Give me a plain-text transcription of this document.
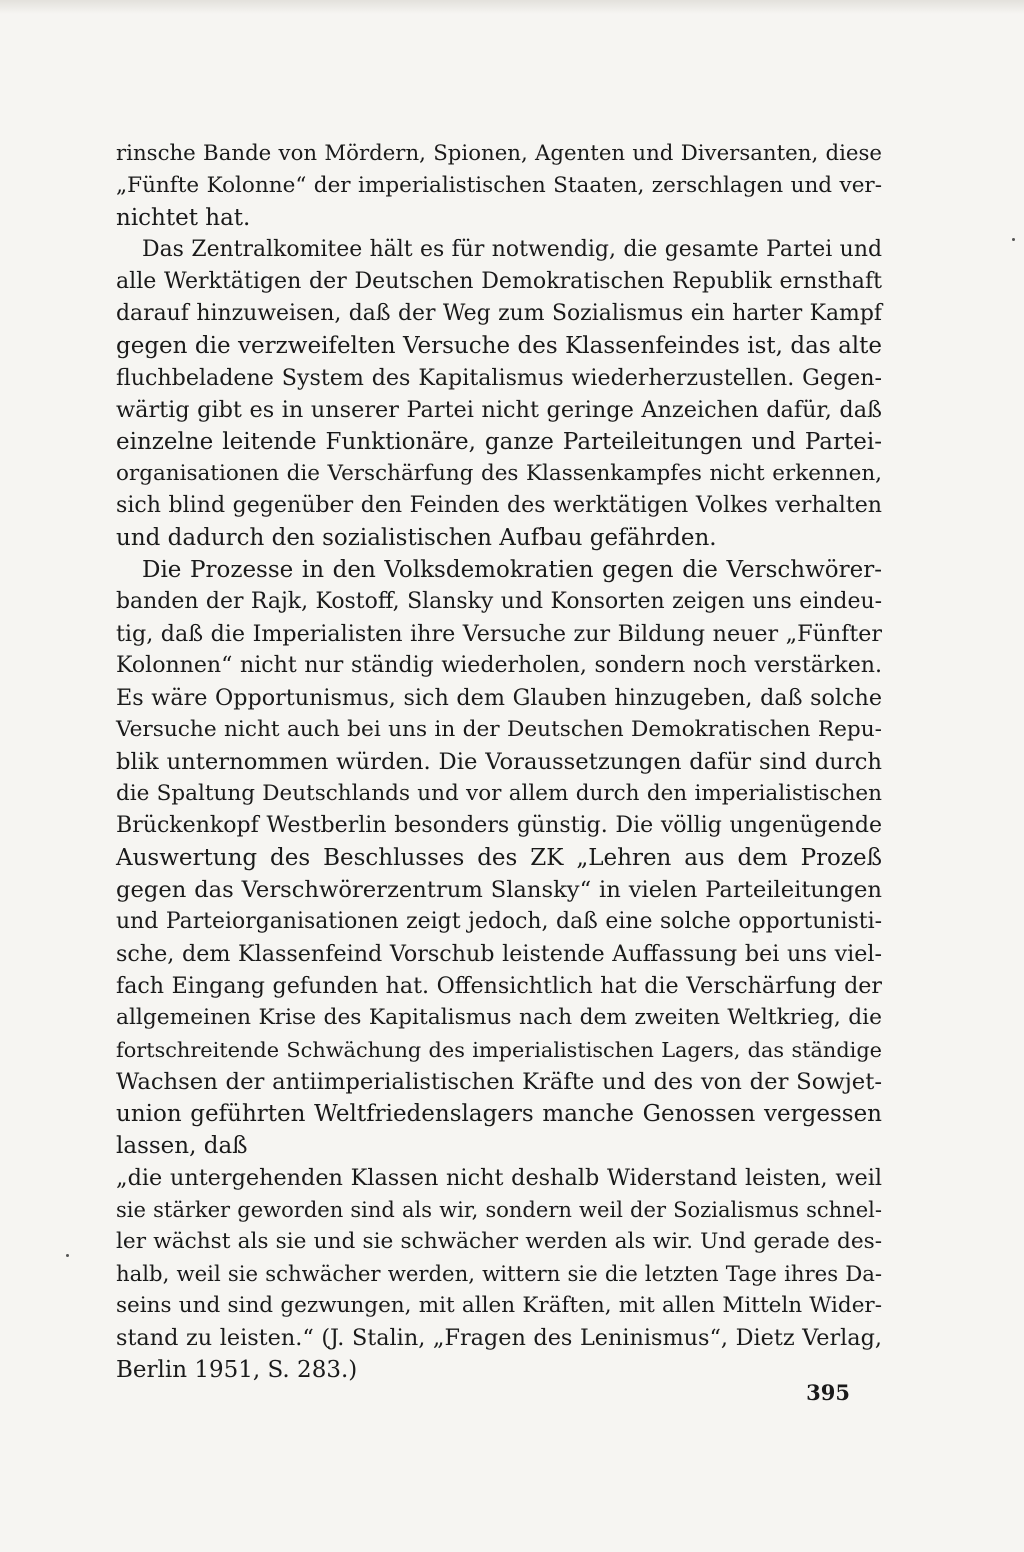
rinsche Bande von Mördern, Spionen, Agenten und Diversanten, diese
„Fünfte Kolonne“ der imperialistischen Staaten, zerschlagen und ver-
nichtet hat.
Das Zentralkomitee hält es für notwendig, die gesamte Partei und
alle Werktätigen der Deutschen Demokratischen Republik ernsthaft
darauf hinzuweisen, daß der Weg zum Sozialismus ein harter Kampf
gegen die verzweifelten Versuche des Klassenfeindes ist, das alte
fluchbeladene System des Kapitalismus wiederherzustellen. Gegen-
wärtig gibt es in unserer Partei nicht geringe Anzeichen dafür, daß
einzelne leitende Funktionäre, ganze Parteileitungen und Partei-
organisationen die Verschärfung des Klassenkampfes nicht erkennen,
sich blind gegenüber den Feinden des werktätigen Volkes verhalten
und dadurch den sozialistischen Aufbau gefährden.
Die Prozesse in den Volksdemokratien gegen die Verschwörer-
banden der Rajk, Kostoff, Slansky und Konsorten zeigen uns eindeu-
tig, daß die Imperialisten ihre Versuche zur Bildung neuer „Fünfter
Kolonnen“ nicht nur ständig wiederholen, sondern noch verstärken.
Es wäre Opportunismus, sich dem Glauben hinzugeben, daß solche
Versuche nicht auch bei uns in der Deutschen Demokratischen Repu-
blik unternommen würden. Die Voraussetzungen dafür sind durch
die Spaltung Deutschlands und vor allem durch den imperialistischen
Brückenkopf Westberlin besonders günstig. Die völlig ungenügende
Auswertung des Beschlusses des ZK „Lehren aus dem Prozeß
gegen das Verschwörerzentrum Slansky“ in vielen Parteileitungen
und Parteiorganisationen zeigt jedoch, daß eine solche opportunisti-
sche, dem Klassenfeind Vorschub leistende Auffassung bei uns viel-
fach Eingang gefunden hat. Offensichtlich hat die Verschärfung der
allgemeinen Krise des Kapitalismus nach dem zweiten Weltkrieg, die
fortschreitende Schwächung des imperialistischen Lagers, das ständige
Wachsen der antiimperialistischen Kräfte und des von der Sowjet-
union geführten Weltfriedenslagers manche Genossen vergessen
lassen, daß
„die untergehenden Klassen nicht deshalb Widerstand leisten, weil
sie stärker geworden sind als wir, sondern weil der Sozialismus schnel-
ler wächst als sie und sie schwächer werden als wir. Und gerade des-
halb, weil sie schwächer werden, wittern sie die letzten Tage ihres Da-
seins und sind gezwungen, mit allen Kräften, mit allen Mitteln Wider-
stand zu leisten.“ (J. Stalin, „Fragen des Leninismus“, Dietz Verlag,
Berlin 1951, S. 283.)
395
